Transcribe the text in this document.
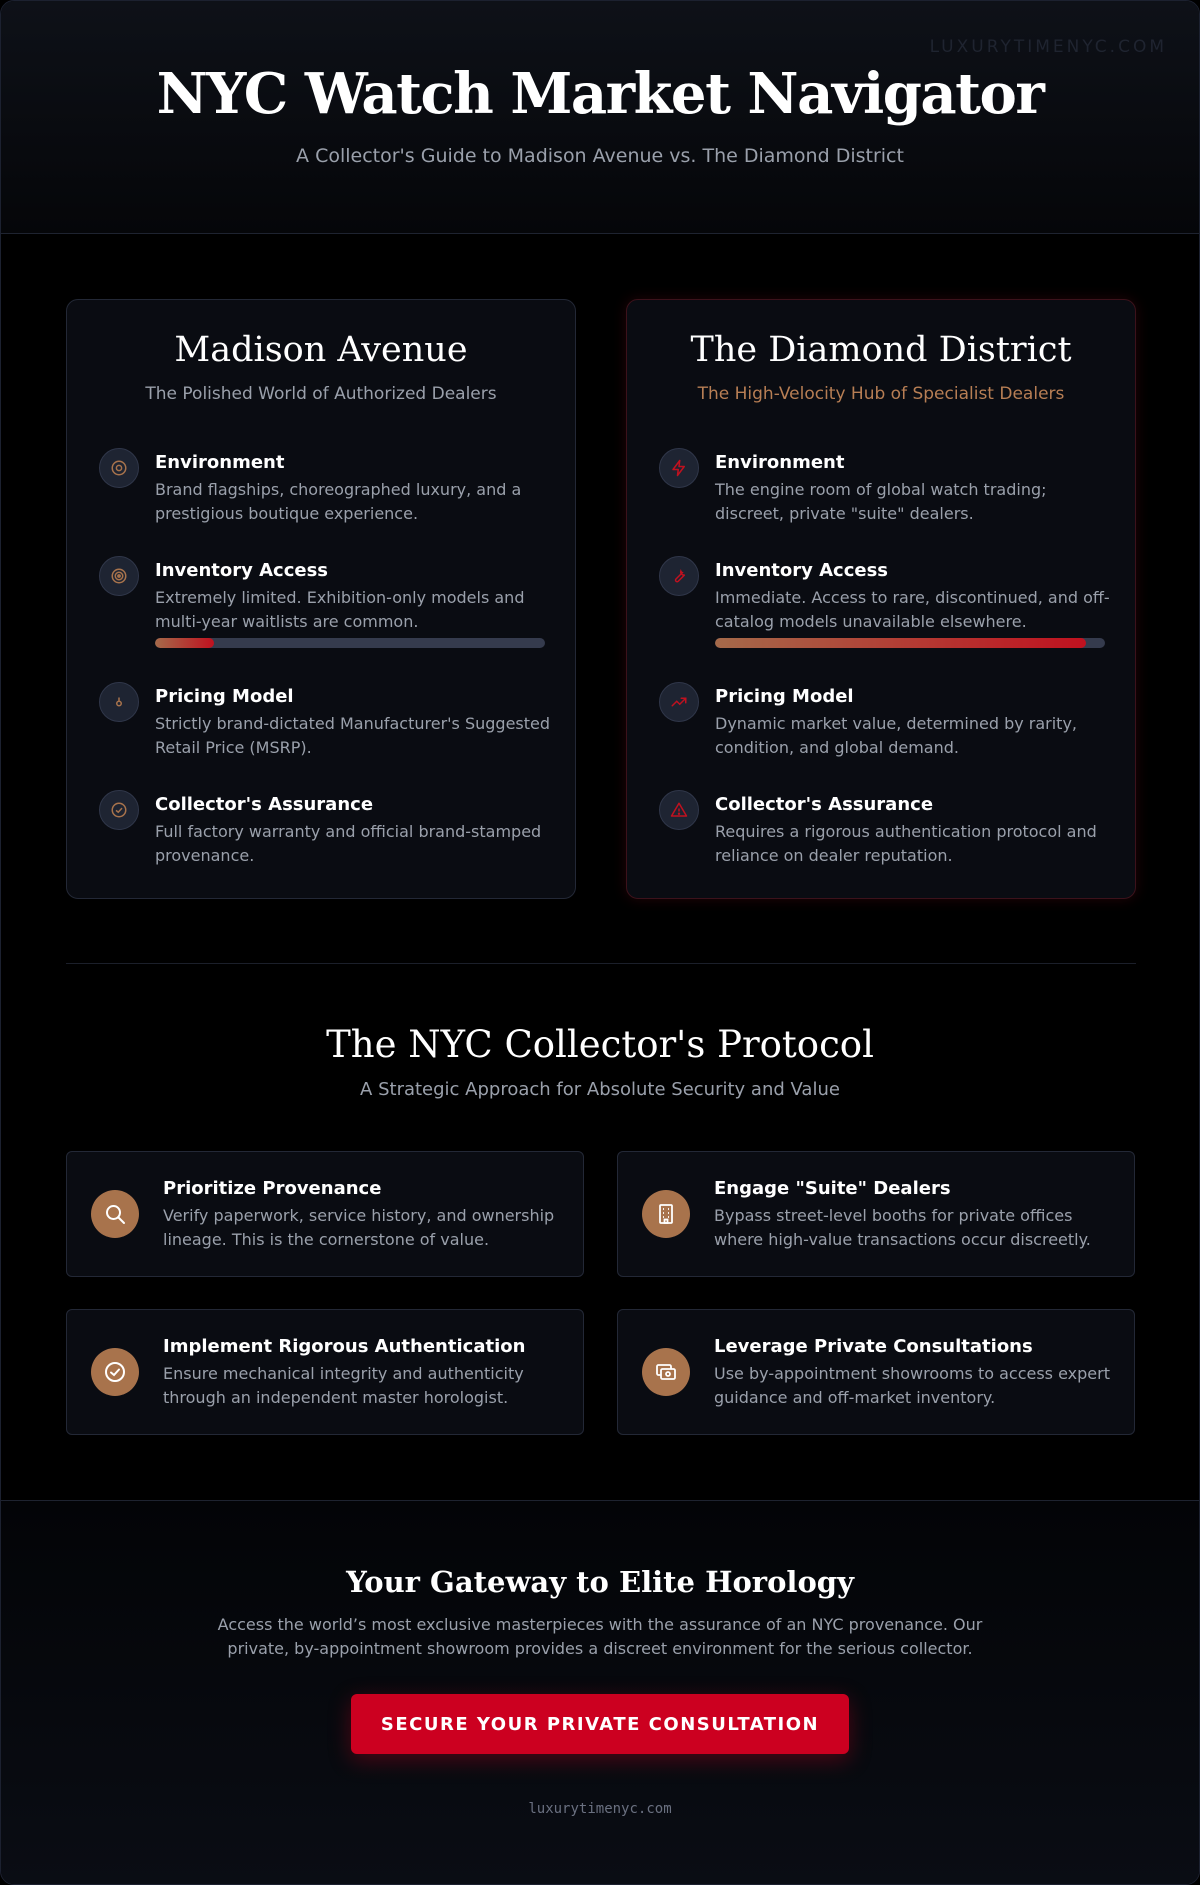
LUXURYTIMENYC.COM
NYC Watch Market Navigator

A Collector's Guide to Madison Avenue vs. The Diamond District

Madison Avenue

The Polished World of Authorized Dealers

Environment
Brand flagships, choreographed luxury, and a prestigious boutique experience.
Inventory Access
Extremely limited. Exhibition-only models and multi-year waitlists are common.
Pricing Model
Strictly brand-dictated Manufacturer's Suggested Retail Price (MSRP).
Collector's Assurance
Full factory warranty and official brand-stamped provenance.
The Diamond District

The High-Velocity Hub of Specialist Dealers

Environment
The engine room of global watch trading; discreet, private "suite" dealers.
Inventory Access
Immediate. Access to rare, discontinued, and off-catalog models unavailable elsewhere.
Pricing Model
Dynamic market value, determined by rarity, condition, and global demand.
Collector's Assurance
Requires a rigorous authentication protocol and reliance on dealer reputation.
The NYC Collector's Protocol

A Strategic Approach for Absolute Security and Value

Prioritize Provenance
Verify paperwork, service history, and ownership lineage. This is the cornerstone of value.
Engage "Suite" Dealers
Bypass street-level booths for private offices where high-value transactions occur discreetly.
Implement Rigorous Authentication
Ensure mechanical integrity and authenticity through an independent master horologist.
Leverage Private Consultations
Use by-appointment showrooms to access expert guidance and off-market inventory.
Your Gateway to Elite Horology

Access the world’s most exclusive masterpieces with the assurance of an NYC provenance. Our private, by-appointment showroom provides a discreet environment for the serious collector.

SECURE YOUR PRIVATE CONSULTATION

luxurytimenyc.com
